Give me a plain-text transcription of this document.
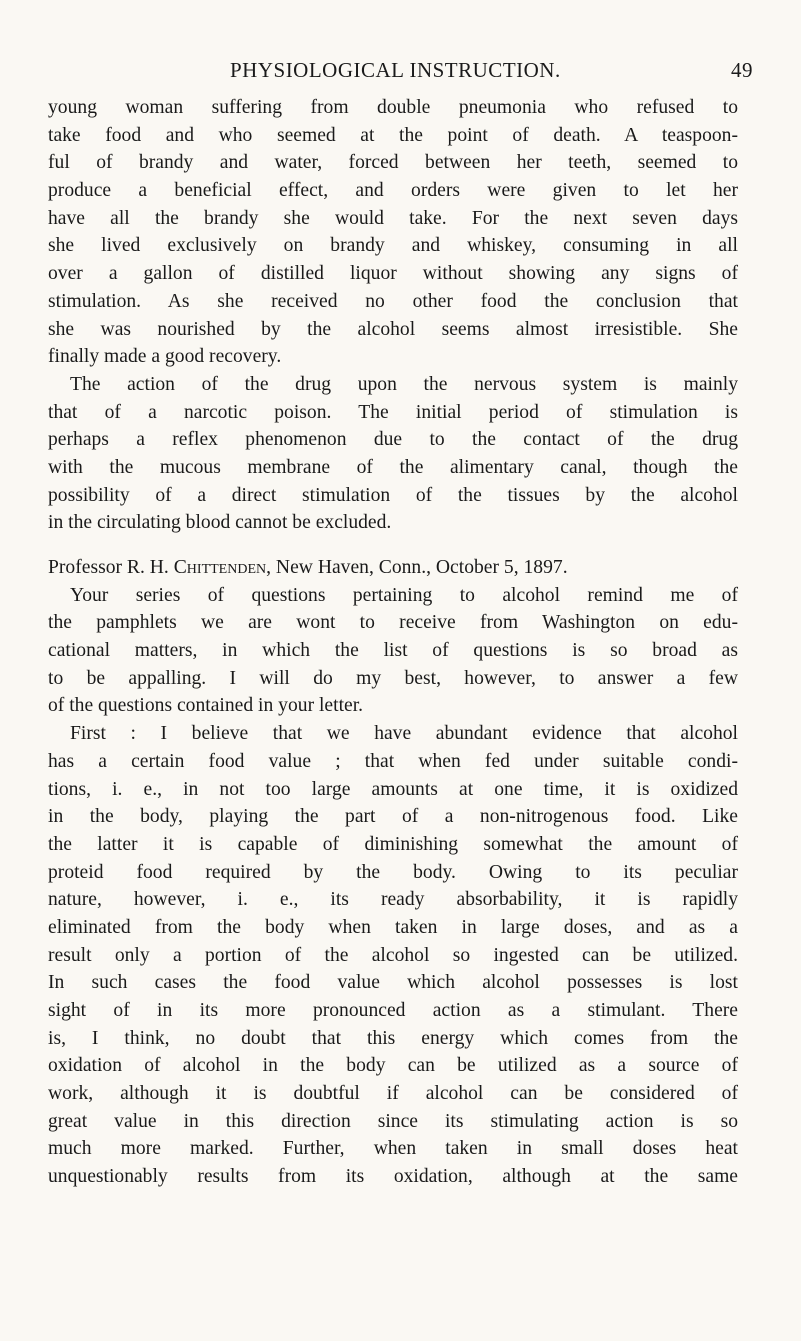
PHYSIOLOGICAL INSTRUCTION.	49
young woman suffering from double pneumonia who refused to
take food and who seemed at the point of death. A teaspoon-
ful of brandy and water, forced between her teeth, seemed to
produce a beneficial effect, and orders were given to let her
have all the brandy she would take. For the next seven days
she lived exclusively on brandy and whiskey, consuming in all
over a gallon of distilled liquor without showing any signs of
stimulation. As she received no other food the conclusion that
she was nourished by the alcohol seems almost irresistible. She
finally made a good recovery.
The action of the drug upon the nervous system is mainly
that of a narcotic poison. The initial period of stimulation is
perhaps a reflex phenomenon due to the contact of the drug
with the mucous membrane of the alimentary canal, though the
possibility of a direct stimulation of the tissues by the alcohol
in the circulating blood cannot be excluded.
Professor R. H. Chittenden, New Haven, Conn., October 5, 1897.
Your series of questions pertaining to alcohol remind me of
the pamphlets we are wont to receive from Washington on edu-
cational matters, in which the list of questions is so broad as
to be appalling. I will do my best, however, to answer a few
of the questions contained in your letter.
First : I believe that we have abundant evidence that alcohol
has a certain food value ; that when fed under suitable condi-
tions, i. e., in not too large amounts at one time, it is oxidized
in the body, playing the part of a non-nitrogenous food. Like
the latter it is capable of diminishing somewhat the amount of
proteid food required by the body. Owing to its peculiar
nature, however, i. e., its ready absorbability, it is rapidly
eliminated from the body when taken in large doses, and as a
result only a portion of the alcohol so ingested can be utilized.
In such cases the food value which alcohol possesses is lost
sight of in its more pronounced action as a stimulant. There
is, I think, no doubt that this energy which comes from the
oxidation of alcohol in the body can be utilized as a source of
work, although it is doubtful if alcohol can be considered of
great value in this direction since its stimulating action is so
much more marked. Further, when taken in small doses heat
unquestionably results from its oxidation, although at the same
